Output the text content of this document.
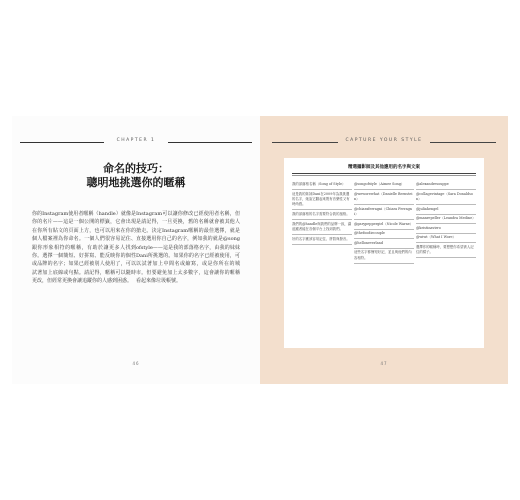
CHAPTER 1
命名的技巧：
聰明地挑選你的暱稱
你的Instagram使用者暱稱（handle）就像是你的名片——這是一個公開的標籤，它會出現在你所有貼文的頁面上方，也可以用來在你的個人檔案裡為你命名。一個人們很容易記住、跟你形象相符的暱稱，有助於讓更多人找到你。選擇一個簡短、好拼寫、能反映你的個性或品牌的名字；如果已經被別人使用了，可以試著加上底線或句點。請記得，暱稱可以隨時更改，但經常更換會讓追蹤你的人感到困惑。
Instagram可以讓你修改已經使用者名稱，但是請記得，一旦更換，舊的名稱就會被其他人搶走。決定Instagram暱稱的最佳選擇，就是直接選用你自己的名字，例如我的就是@songofstyle——這是我的部落格名字，由我的妹妹Dani所挑選的。如果你的名字已經被使用，可以試著加上中間名或縮寫，或是你所在的城市。但要避免加上太多數字，這會讓你的暱稱看起來像垃圾帳號。
46
CAPTURE YOUR STYLE
精選攝影師及其他應用的名字與文案
我的部落格名稱（Song of Style）
這是我的妹妹Dani在2009年為我挑選的名字，她說它聽起來既有音樂性又有時尚感。
我的部落格的名字需要符合我的風格。
我們的@handle與我們的品牌一致，讓追蹤者能在各個平台上找到我們。
好的名字應該容易記住、拼寫與發音。
@songofstyle（Aimee Song）
@weworewhat（Danielle Bernstein）
@chiaraferragni（Chiara Ferragni）
@garypeppergirl（Nicole Warne）
@thefoodiecouple
@helloneverland
這些名字都簡短好記，並且與他們的內容相符。
@alexandresouppe
@collagevintage（Sara Donaldson）
@juliahengel
@manrepeller（Leandra Medine）
@kristinavirro
@wiwt（What I Wore）
選擇你的暱稱時，要想想你希望被人記住的樣子。
47
